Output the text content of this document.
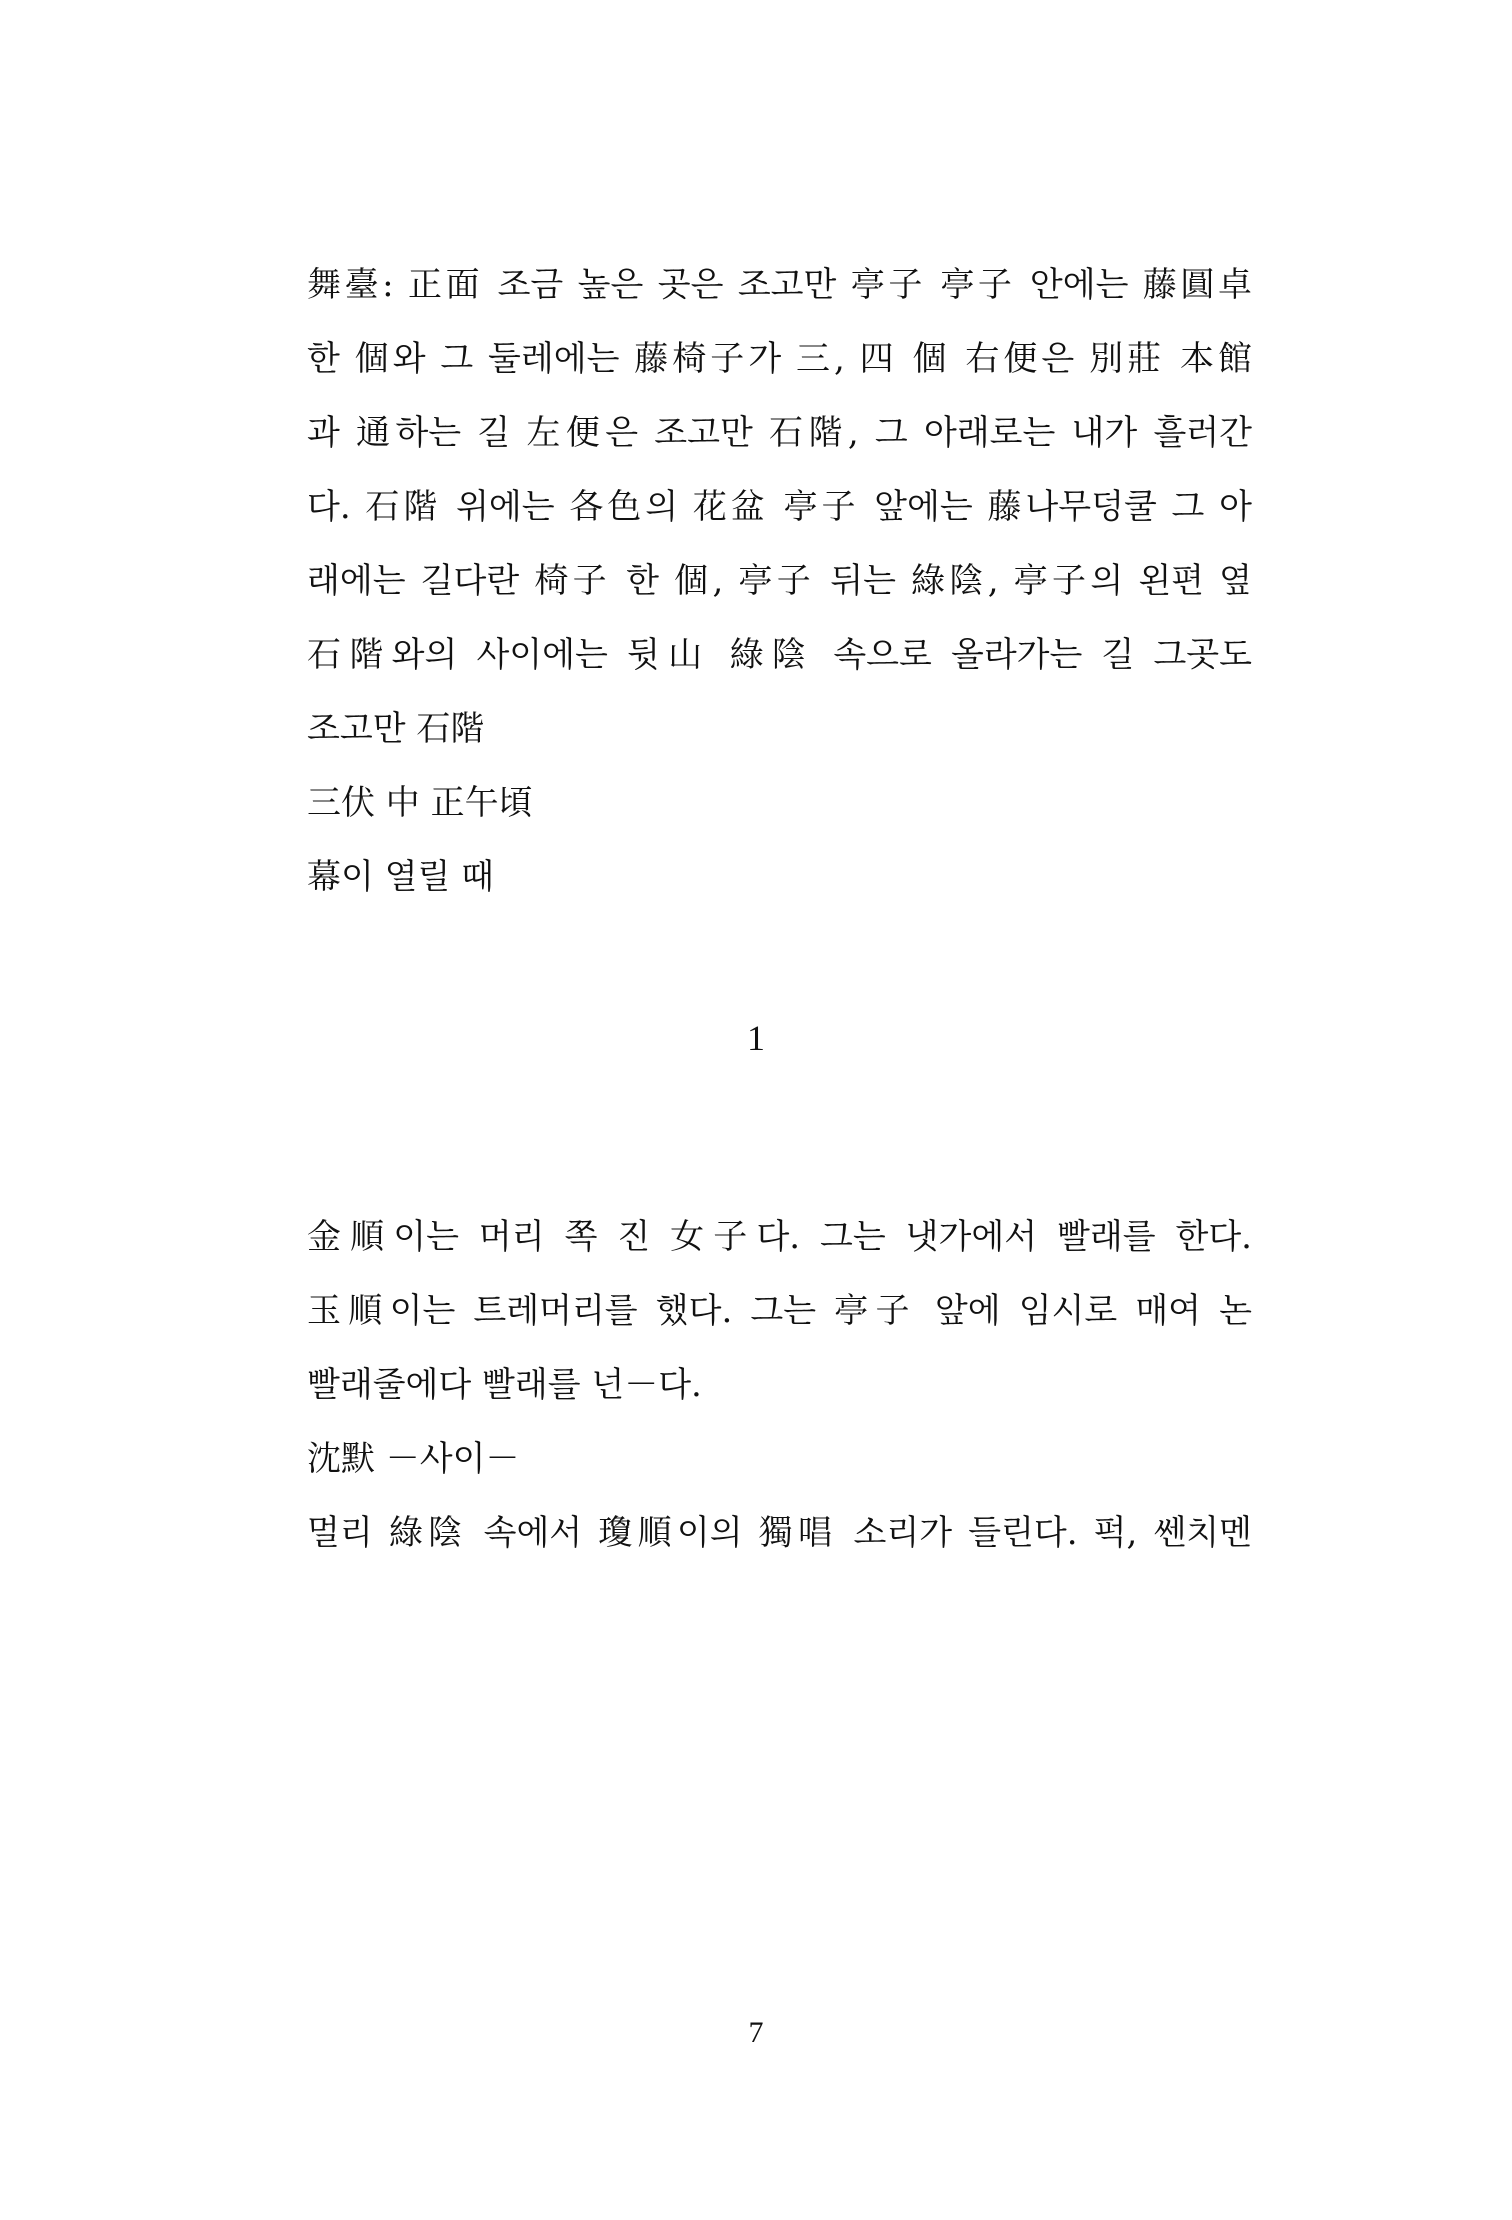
舞臺: 正面 조금 높은 곳은 조고만 亭子 亭子 안에는 藤圓卓
한 個와 그 둘레에는 藤椅子가 三, 四 個 右便은 別莊 本館
과 通하는 길 左便은 조고만 石階, 그 아래로는 내가 흘러간
다. 石階 위에는 各色의 花盆 亭子 앞에는 藤나무덩쿨 그 아
래에는 길다란 椅子 한 個, 亭子 뒤는 綠陰, 亭子의 왼편 옆
石階와의 사이에는 뒷山 綠陰 속으로 올라가는 길 그곳도
조고만 石階
三伏 中 正午頃
幕이 열릴 때
1
金順이는 머리 쪽 진 女子다. 그는 냇가에서 빨래를 한다.
玉順이는 트레머리를 했다. 그는 亭子 앞에 임시로 매여 논
빨래줄에다 빨래를 넌－다.
沈默 －사이－
멀리 綠陰 속에서 瓊順이의 獨唱 소리가 들린다. 퍽, 쎈치멘
7
